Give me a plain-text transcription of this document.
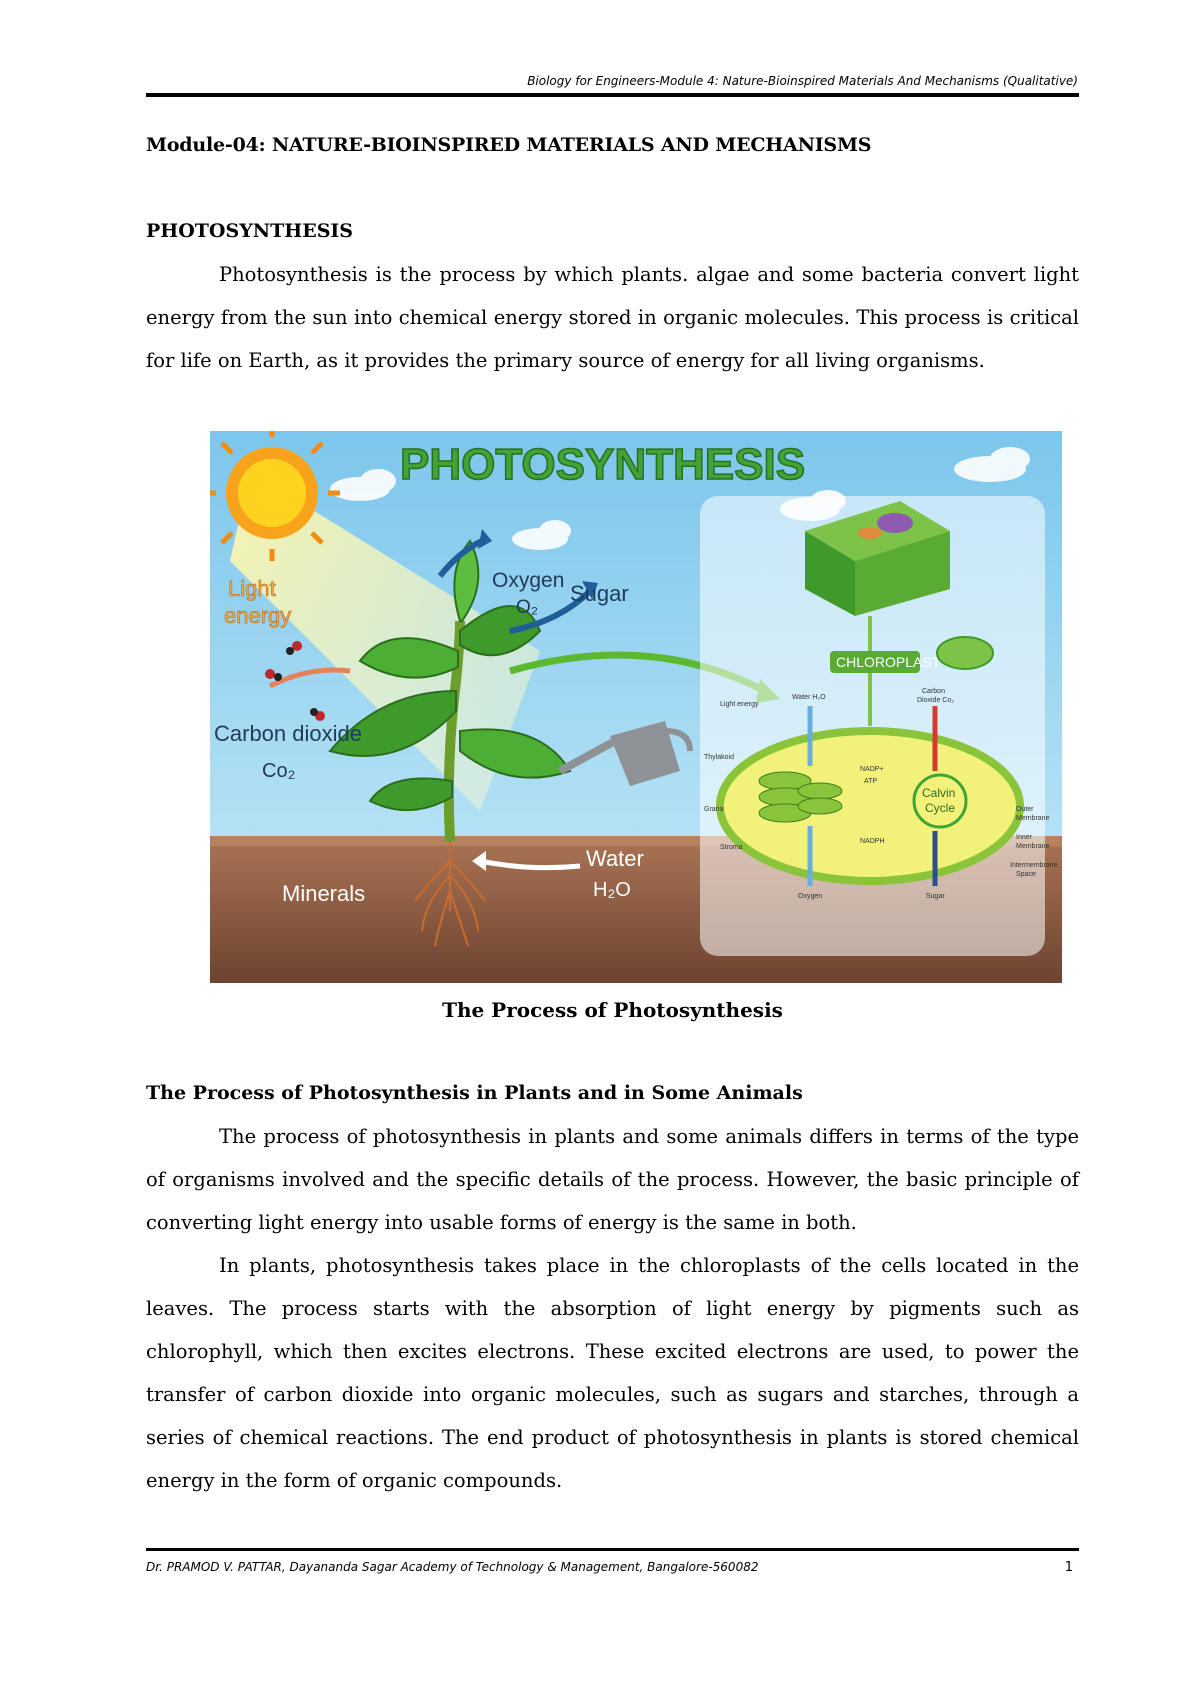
Biology for Engineers-Module 4: Nature-Bioinspired Materials And Mechanisms (Qualitative)
Module-04: NATURE-BIOINSPIRED MATERIALS AND MECHANISMS
PHOTOSYNTHESIS

Photosynthesis is the process by which plants. algae and some bacteria convert light energy from the sun into chemical energy stored in organic molecules. This process is critical for life on Earth, as it provides the primary source of energy for all living organisms.

PHOTOSYNTHESIS
Light
energy
Oxygen
O₂
Sugar
Carbon dioxide
Co₂
Water
H₂O
Minerals
CHLOROPLAST
Calvin
Cycle
Water H₂O
Carbon
Dioxide Co₂
Thylakoid
Grana
Stroma
Light energy
Outer
Membrane
Inner
Membrane
Intermembrane
Space
Oxygen	Sugar
NADP+
ATP
NADPH
The Process of Photosynthesis
The Process of Photosynthesis in Plants and in Some Animals

The process of photosynthesis in plants and some animals differs in terms of the type of organisms involved and the specific details of the process. However, the basic principle of converting light energy into usable forms of energy is the same in both.

In plants, photosynthesis takes place in the chloroplasts of the cells located in the leaves. The process starts with the absorption of light energy by pigments such as chlorophyll, which then excites electrons. These excited electrons are used, to power the transfer of carbon dioxide into organic molecules, such as sugars and starches, through a series of chemical reactions. The end product of photosynthesis in plants is stored chemical energy in the form of organic compounds.

Dr. PRAMOD V. PATTAR, Dayananda Sagar Academy of Technology & Management, Bangalore-560082	1
